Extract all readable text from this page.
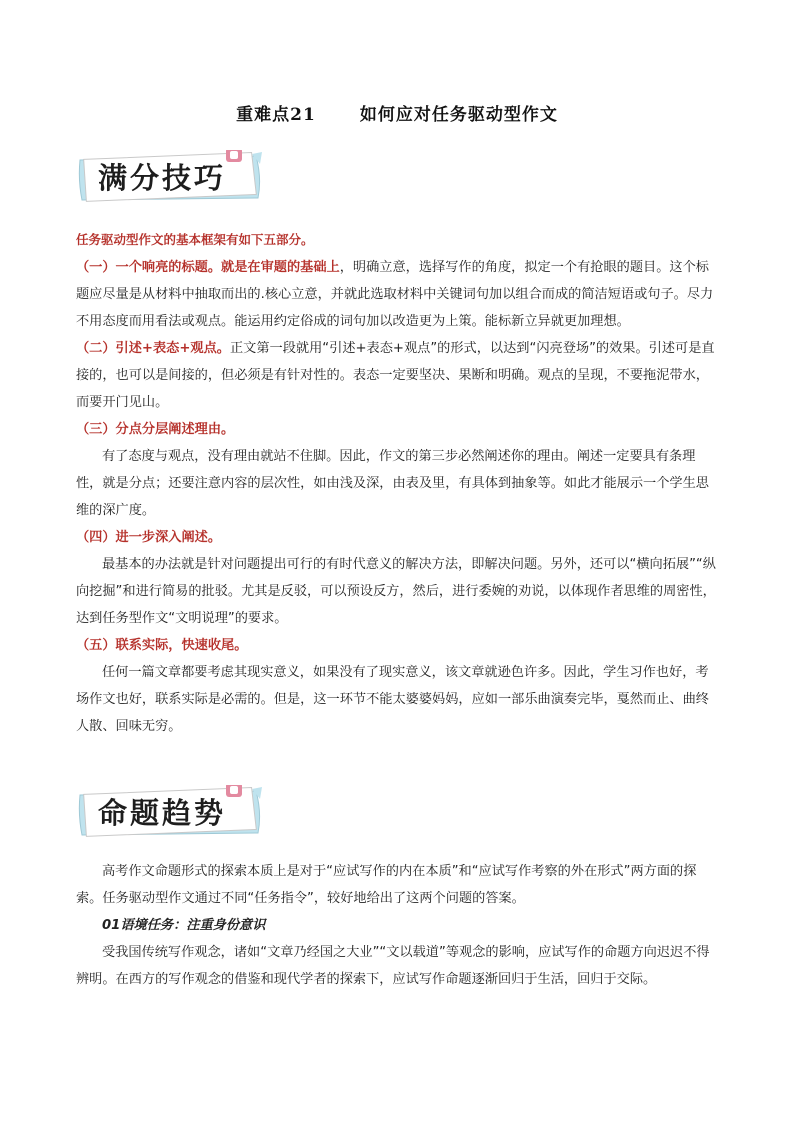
重难点21	如何应对任务驱动型作文
满分技巧
任务驱动型作文的基本框架有如下五部分。

（一）一个响亮的标题。就是在审题的基础上，明确立意，选择写作的角度，拟定一个有抢眼的题目。这个标题应尽量是从材料中抽取而出的.核心立意，并就此选取材料中关键词句加以组合而成的简洁短语或句子。尽力不用态度而用看法或观点。能运用约定俗成的词句加以改造更为上策。能标新立异就更加理想。

（二）引述+表态+观点。正文第一段就用“引述+表态+观点”的形式，以达到“闪亮登场”的效果。引述可是直接的，也可以是间接的，但必须是有针对性的。表态一定要坚决、果断和明确。观点的呈现，不要拖泥带水，而要开门见山。

（三）分点分层阐述理由。

有了态度与观点，没有理由就站不住脚。因此，作文的第三步必然阐述你的理由。阐述一定要具有条理性，就是分点；还要注意内容的层次性，如由浅及深，由表及里，有具体到抽象等。如此才能展示一个学生思维的深广度。

（四）进一步深入阐述。

最基本的办法就是针对问题提出可行的有时代意义的解决方法，即解决问题。另外，还可以“横向拓展”“纵向挖掘”和进行简易的批驳。尤其是反驳，可以预设反方，然后，进行委婉的劝说，以体现作者思维的周密性，达到任务型作文“文明说理”的要求。

（五）联系实际，快速收尾。

任何一篇文章都要考虑其现实意义，如果没有了现实意义，该文章就逊色许多。因此，学生习作也好，考场作文也好，联系实际是必需的。但是，这一环节不能太婆婆妈妈，应如一部乐曲演奏完毕，戛然而止、曲终人散、回味无穷。

命题趋势

高考作文命题形式的探索本质上是对于“应试写作的内在本质”和“应试写作考察的外在形式”两方面的探索。任务驱动型作文通过不同“任务指令”，较好地给出了这两个问题的答案。

01语境任务：注重身份意识

受我国传统写作观念，诸如“文章乃经国之大业”“文以载道”等观念的影响，应试写作的命题方向迟迟不得辨明。在西方的写作观念的借鉴和现代学者的探索下，应试写作命题逐渐回归于生活，回归于交际。
